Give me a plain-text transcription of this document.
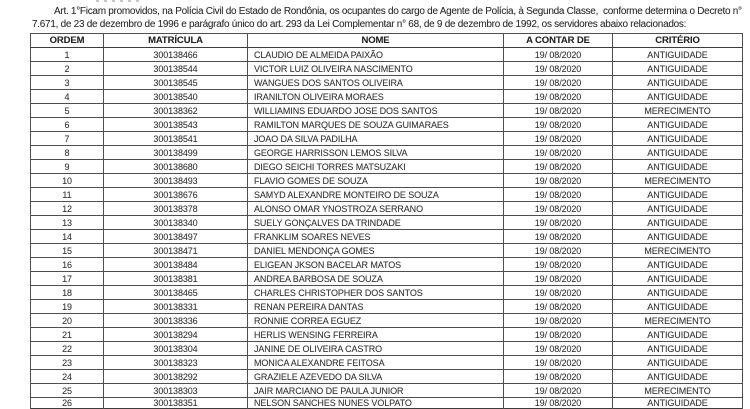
Art. 1°Ficam promovidos, na Polícia Civil do Estado de Rondônia, os ocupantes do cargo de Agente de Polícia, à Segunda Classe,  conforme determina o Decreto n°
7.671, de 23 de dezembro de 1996 e parágrafo único do art. 293 da Lei Complementar n° 68, de 9 de dezembro de 1992, os servidores abaixo relacionados:
ORDEM	MATRÍCULA	NOME	A CONTAR DE	CRITÉRIO
1	300138466	CLAUDIO DE ALMEIDA PAIXÃO	19/ 08/2020	ANTIGUIDADE
2	300138544	VICTOR LUIZ OLIVEIRA NASCIMENTO	19/ 08/2020	ANTIGUIDADE
3	300138545	WANGUES DOS SANTOS OLIVEIRA	19/ 08/2020	ANTIGUIDADE
4	300138540	IRANILTON OLIVEIRA MORAES	19/ 08/2020	ANTIGUIDADE
5	300138362	WILLIAMINS EDUARDO JOSE DOS SANTOS	19/ 08/2020	MERECIMENTO
6	300138543	RAMILTON MARQUES DE SOUZA GUIMARAES	19/ 08/2020	ANTIGUIDADE
7	300138541	JOAO DA SILVA PADILHA	19/ 08/2020	ANTIGUIDADE
8	300138499	GEORGE HARRISSON LEMOS SILVA	19/ 08/2020	ANTIGUIDADE
9	300138680	DIEGO SEICHI TORRES MATSUZAKI	19/ 08/2020	ANTIGUIDADE
10	300138493	FLAVIO GOMES DE SOUZA	19/ 08/2020	MERECIMENTO
11	300138676	SAMYD ALEXANDRE MONTEIRO DE SOUZA	19/ 08/2020	ANTIGUIDADE
12	300138378	ALONSO OMAR YNOSTROZA SERRANO	19/ 08/2020	ANTIGUIDADE
13	300138340	SUELY GONÇALVES DA TRINDADE	19/ 08/2020	ANTIGUIDADE
14	300138497	FRANKLIM SOARES NEVES	19/ 08/2020	ANTIGUIDADE
15	300138471	DANIEL MENDONÇA GOMES	19/ 08/2020	MERECIMENTO
16	300138484	ELIGEAN JKSON BACELAR MATOS	19/ 08/2020	ANTIGUIDADE
17	300138381	ANDREA BARBOSA DE SOUZA	19/ 08/2020	ANTIGUIDADE
18	300138465	CHARLES CHRISTOPHER DOS SANTOS	19/ 08/2020	ANTIGUIDADE
19	300138331	RENAN PEREIRA DANTAS	19/ 08/2020	ANTIGUIDADE
20	300138336	RONNIE CORREA EGUEZ	19/ 08/2020	MERECIMENTO
21	300138294	HERLIS WENSING FERREIRA	19/ 08/2020	ANTIGUIDADE
22	300138304	JANINE DE OLIVEIRA CASTRO	19/ 08/2020	ANTIGUIDADE
23	300138323	MONICA ALEXANDRE FEITOSA	19/ 08/2020	ANTIGUIDADE
24	300138292	GRAZIELE AZEVEDO DA SILVA	19/ 08/2020	ANTIGUIDADE
25	300138303	JAIR MARCIANO DE PAULA JUNIOR	19/ 08/2020	MERECIMENTO
26	300138351	NELSON SANCHES NUNES VOLPATO	19/ 08/2020	ANTIGUIDADE
